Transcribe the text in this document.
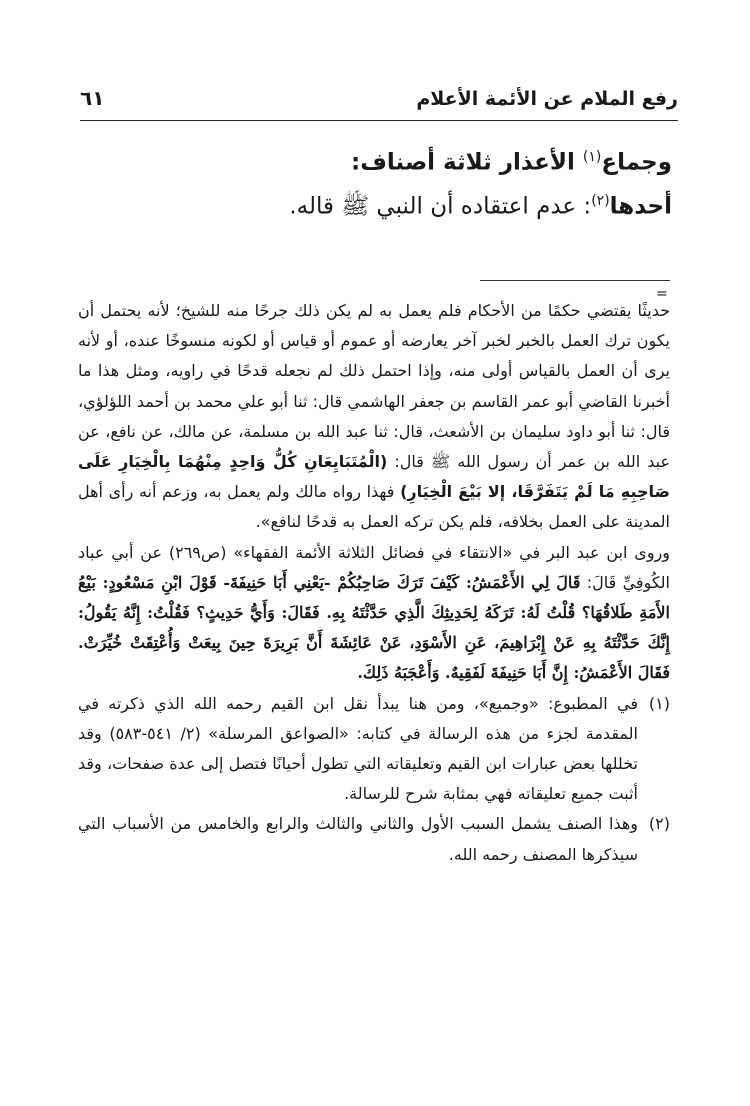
رفع الملام عن الأئمة الأعلام
٦١
وجماع$^{(١)}$ الأعذار ثلاثة أصناف:
أحدها$^{(٢)}$: عدم اعتقاده أن النبي ﷺ قاله.
=

حديثًا يقتضي حكمًا من الأحكام فلم يعمل به لم يكن ذلك جرحًا منه للشيخ؛ لأنه يحتمل أن يكون ترك العمل بالخبر لخبر آخر يعارضه أو عموم أو قياس أو لكونه منسوخًا عنده، أو لأنه يرى أن العمل بالقياس أولى منه، وإذا احتمل ذلك لم نجعله قدحًا في راويه، ومثل هذا ما أخبرنا القاضي أبو عمر القاسم بن جعفر الهاشمي قال: ثنا أبو علي محمد بن أحمد اللؤلؤي، قال: ثنا أبو داود سليمان بن الأشعث، قال: ثنا عبد الله بن مسلمة، عن مالك، عن نافع، عن عبد الله بن عمر أن رسول الله ﷺ قال: (الْمُتَبَايِعَانِ كُلُّ وَاحِدٍ مِنْهُمَا بِالْخِيَارِ عَلَى صَاحِبِهِ مَا لَمْ يَتَفَرَّقَا، إلا بَيْعَ الْخِيَارِ) فهذا رواه مالك ولم يعمل به، وزعم أنه رأى أهل المدينة على العمل بخلافه، فلم يكن تركه العمل به قدحًا لنافع».

وروى ابن عبد البر في «الانتقاء في فضائل الثلاثة الأئمة الفقهاء» (ص٢٦٩) عن أبي عباد الكُوفِيِّ قَالَ: قَالَ لِي الأَعْمَشُ: كَيْفَ تَرَكَ صَاحِبُكُمْ -يَعْنِي أَبَا حَنِيفَةَ- قَوْلَ ابْنِ مَسْعُودٍ: بَيْعُ الأَمَةِ طَلاقُهَا؟ قُلْتُ لَهُ: تَرَكَهُ لِحَدِيثِكَ الَّذِي حَدَّثْتَهُ بِهِ. فَقَالَ: وَأَيُّ حَدِيثٍ؟ فَقُلْتُ: إِنَّهُ يَقُولُ: إِنَّكَ حَدَّثْتَهُ بِهِ عَنْ إِبْرَاهِيمَ، عَنِ الأَسْوَدِ، عَنْ عَائِشَةَ أَنَّ بَرِيرَةَ حِينَ بِيعَتْ وَأُعْتِقَتْ خُيِّرَتْ. فَقَالَ الأَعْمَشُ: إِنَّ أَبَا حَنِيفَةَ لَفَقِيهٌ. وَأَعْجَبَهُ ذَلِكَ.

(١)
في المطبوع: «وجميع»، ومن هنا يبدأ نقل ابن القيم رحمه الله الذي ذكرته في المقدمة لجزء من هذه الرسالة في كتابه: «الصواعق المرسلة» (٢/ ٥٤١-٥٨٣) وقد تخللها بعض عبارات ابن القيم وتعليقاته التي تطول أحيانًا فتصل إلى عدة صفحات، وقد أثبت جميع تعليقاته فهي بمثابة شرح للرسالة.

(٢)
وهذا الصنف يشمل السبب الأول والثاني والثالث والرابع والخامس من الأسباب التي سيذكرها المصنف رحمه الله.
